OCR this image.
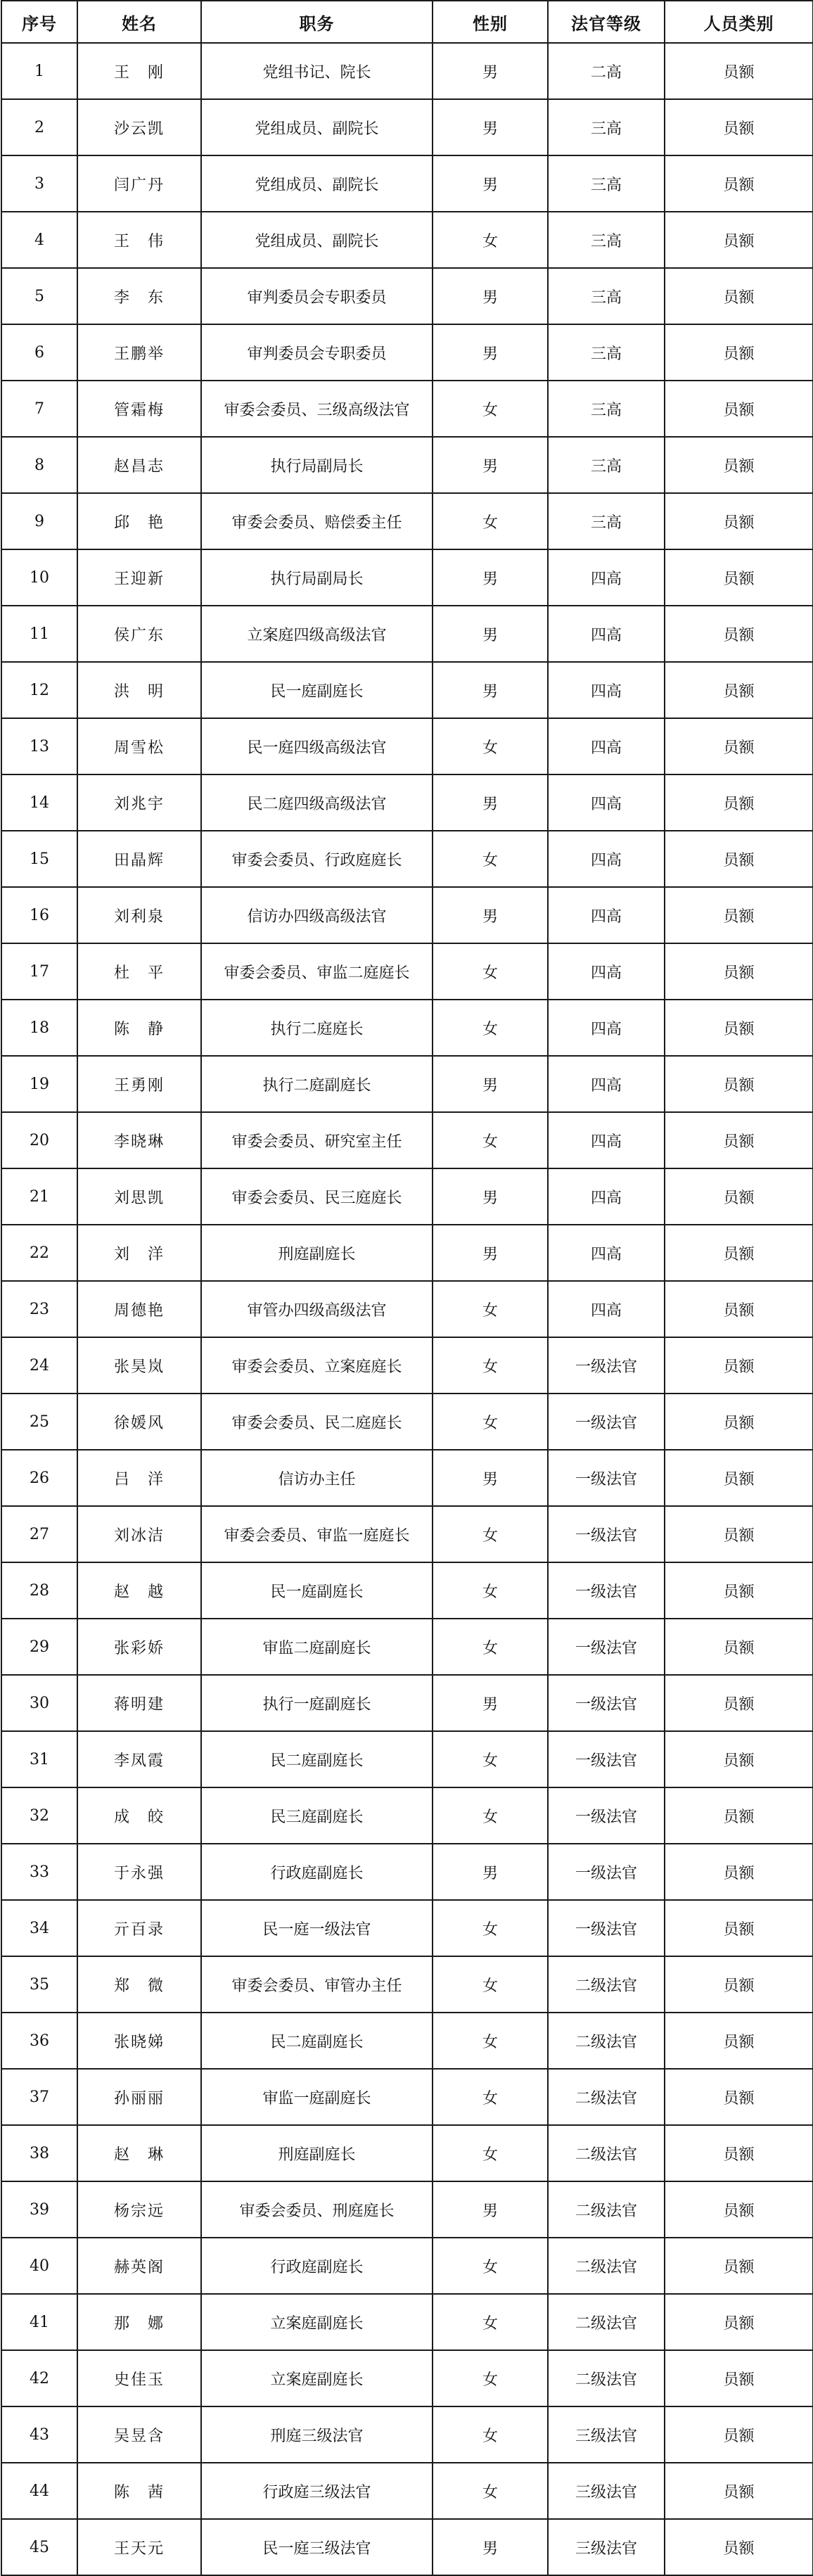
序号	姓名	职务	性别	法官等级	人员类别
1	王　刚	党组书记、院长	男	二高	员额
2	沙云凯	党组成员、副院长	男	三高	员额
3	闫广丹	党组成员、副院长	男	三高	员额
4	王　伟	党组成员、副院长	女	三高	员额
5	李　东	审判委员会专职委员	男	三高	员额
6	王鹏举	审判委员会专职委员	男	三高	员额
7	管霜梅	审委会委员、三级高级法官	女	三高	员额
8	赵昌志	执行局副局长	男	三高	员额
9	邱　艳	审委会委员、赔偿委主任	女	三高	员额
10	王迎新	执行局副局长	男	四高	员额
11	侯广东	立案庭四级高级法官	男	四高	员额
12	洪　明	民一庭副庭长	男	四高	员额
13	周雪松	民一庭四级高级法官	女	四高	员额
14	刘兆宇	民二庭四级高级法官	男	四高	员额
15	田晶辉	审委会委员、行政庭庭长	女	四高	员额
16	刘利泉	信访办四级高级法官	男	四高	员额
17	杜　平	审委会委员、审监二庭庭长	女	四高	员额
18	陈　静	执行二庭庭长	女	四高	员额
19	王勇刚	执行二庭副庭长	男	四高	员额
20	李晓琳	审委会委员、研究室主任	女	四高	员额
21	刘思凯	审委会委员、民三庭庭长	男	四高	员额
22	刘　洋	刑庭副庭长	男	四高	员额
23	周德艳	审管办四级高级法官	女	四高	员额
24	张昊岚	审委会委员、立案庭庭长	女	一级法官	员额
25	徐媛风	审委会委员、民二庭庭长	女	一级法官	员额
26	吕　洋	信访办主任	男	一级法官	员额
27	刘冰洁	审委会委员、审监一庭庭长	女	一级法官	员额
28	赵　越	民一庭副庭长	女	一级法官	员额
29	张彩娇	审监二庭副庭长	女	一级法官	员额
30	蒋明建	执行一庭副庭长	男	一级法官	员额
31	李凤霞	民二庭副庭长	女	一级法官	员额
32	成　皎	民三庭副庭长	女	一级法官	员额
33	于永强	行政庭副庭长	男	一级法官	员额
34	亓百录	民一庭一级法官	女	一级法官	员额
35	郑　微	审委会委员、审管办主任	女	二级法官	员额
36	张晓娣	民二庭副庭长	女	二级法官	员额
37	孙丽丽	审监一庭副庭长	女	二级法官	员额
38	赵　琳	刑庭副庭长	女	二级法官	员额
39	杨宗远	审委会委员、刑庭庭长	男	二级法官	员额
40	赫英阁	行政庭副庭长	女	二级法官	员额
41	那　娜	立案庭副庭长	女	二级法官	员额
42	史佳玉	立案庭副庭长	女	二级法官	员额
43	吴昱含	刑庭三级法官	女	三级法官	员额
44	陈　茜	行政庭三级法官	女	三级法官	员额
45	王天元	民一庭三级法官	男	三级法官	员额
